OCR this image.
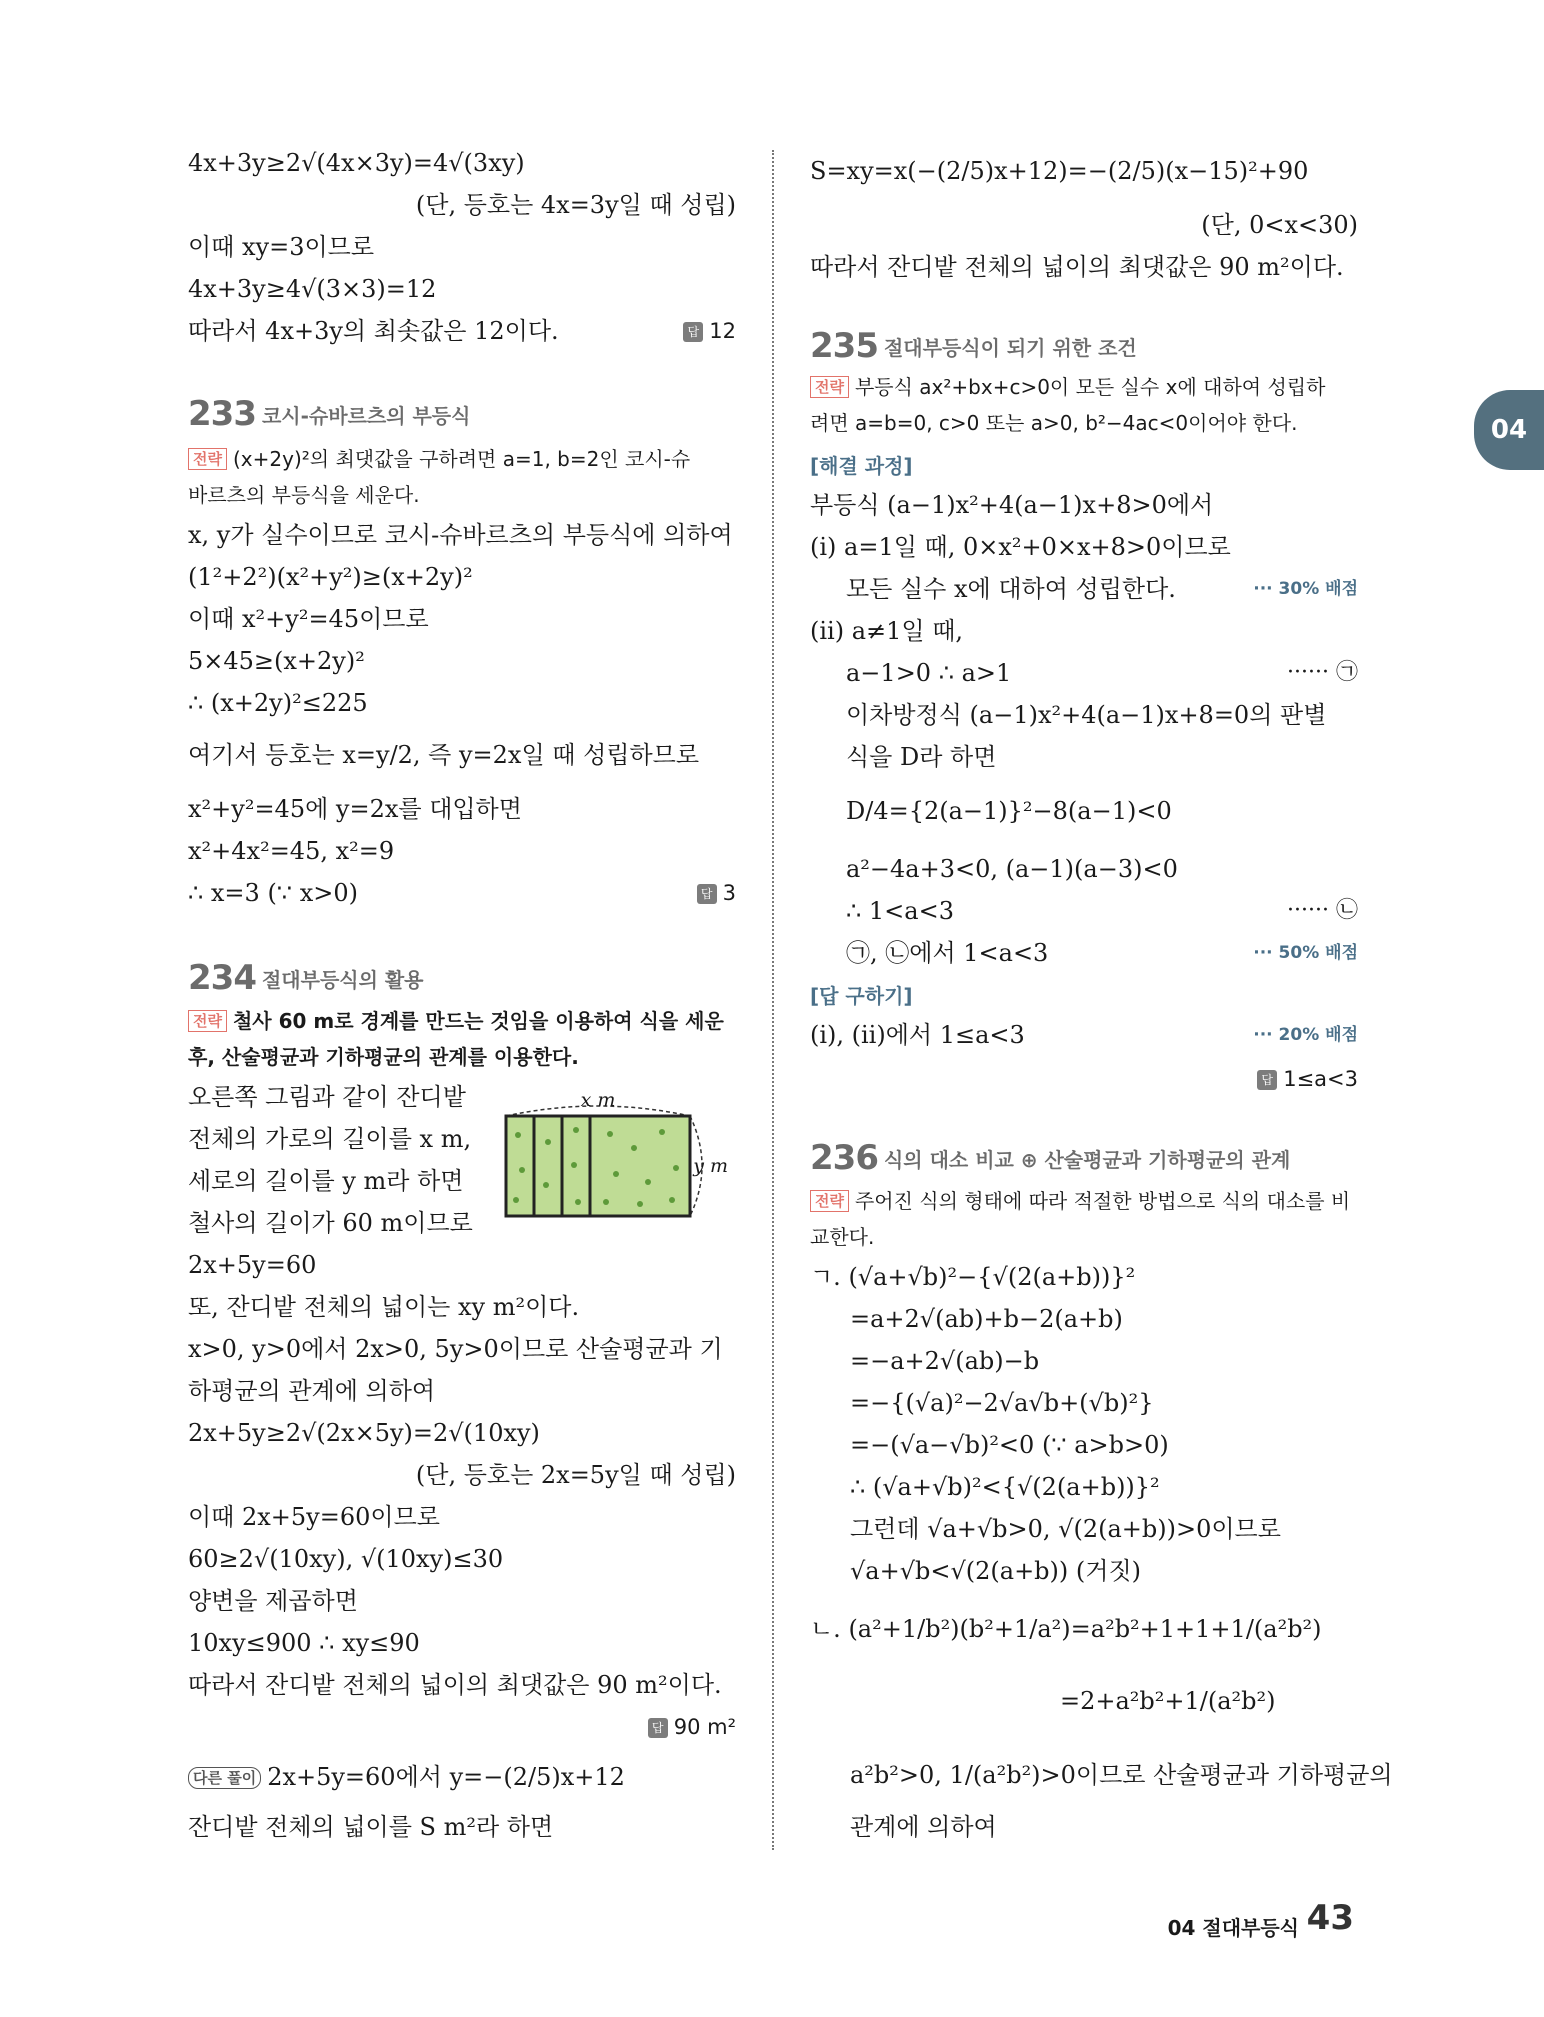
4x+3y≥2√(4x×3y)=4√(3xy)
(단, 등호는 4x=3y일 때 성립)
이때 xy=3이므로
4x+3y≥4√(3×3)=12
따라서 4x+3y의 최솟값은 12이다.	답 12
233 코시-슈바르츠의 부등식
전략 (x+2y)²의 최댓값을 구하려면 a=1, b=2인 코시-슈
바르츠의 부등식을 세운다.
x, y가 실수이므로 코시-슈바르츠의 부등식에 의하여
(1²+2²)(x²+y²)≥(x+2y)²
이때 x²+y²=45이므로
5×45≥(x+2y)²
∴ (x+2y)²≤225
여기서 등호는 x=y/2, 즉 y=2x일 때 성립하므로
x²+y²=45에 y=2x를 대입하면
x²+4x²=45, x²=9
∴ x=3 (∵ x>0)	답 3
234 절대부등식의 활용
전략 철사 60 m로 경계를 만드는 것임을 이용하여 식을 세운
후, 산술평균과 기하평균의 관계를 이용한다.
오른쪽 그림과 같이 잔디밭
전체의 가로의 길이를 x m,
세로의 길이를 y m라 하면
철사의 길이가 60 m이므로
x m
y m
2x+5y=60
또, 잔디밭 전체의 넓이는 xy m²이다.
x>0, y>0에서 2x>0, 5y>0이므로 산술평균과 기
하평균의 관계에 의하여
2x+5y≥2√(2x×5y)=2√(10xy)
(단, 등호는 2x=5y일 때 성립)
이때 2x+5y=60이므로
60≥2√(10xy), √(10xy)≤30
양변을 제곱하면
10xy≤900 ∴ xy≤90
따라서 잔디밭 전체의 넓이의 최댓값은 90 m²이다.
답 90 m²
다른 풀이 2x+5y=60에서 y=−(2/5)x+12
잔디밭 전체의 넓이를 S m²라 하면
S=xy=x(−(2/5)x+12)=−(2/5)(x−15)²+90
(단, 0<x<30)
따라서 잔디밭 전체의 넓이의 최댓값은 90 m²이다.
235 절대부등식이 되기 위한 조건
전략 부등식 ax²+bx+c>0이 모든 실수 x에 대하여 성립하
려면 a=b=0, c>0 또는 a>0, b²−4ac<0이어야 한다.
[해결 과정]
부등식 (a−1)x²+4(a−1)x+8>0에서
(ⅰ) a=1일 때, 0×x²+0×x+8>0이므로
모든 실수 x에 대하여 성립한다.	··· 30% 배점
(ⅱ) a≠1일 때,
a−1>0 ∴ a>1	······ ㉠
이차방정식 (a−1)x²+4(a−1)x+8=0의 판별
식을 D라 하면
D/4={2(a−1)}²−8(a−1)<0
a²−4a+3<0, (a−1)(a−3)<0
∴ 1<a<3	······ ㉡
㉠, ㉡에서 1<a<3	··· 50% 배점
[답 구하기]
(ⅰ), (ⅱ)에서 1≤a<3	··· 20% 배점
답 1≤a<3
236 식의 대소 비교 ⊕ 산술평균과 기하평균의 관계
전략 주어진 식의 형태에 따라 적절한 방법으로 식의 대소를 비
교한다.
ㄱ. (√a+√b)²−{√(2(a+b))}²
=a+2√(ab)+b−2(a+b)
=−a+2√(ab)−b
=−{(√a)²−2√a√b+(√b)²}
=−(√a−√b)²<0 (∵ a>b>0)
∴ (√a+√b)²<{√(2(a+b))}²
그런데 √a+√b>0, √(2(a+b))>0이므로
√a+√b<√(2(a+b)) (거짓)
ㄴ. (a²+1/b²)(b²+1/a²)=a²b²+1+1+1/(a²b²)
=2+a²b²+1/(a²b²)
a²b²>0, 1/(a²b²)>0이므로 산술평균과 기하평균의
관계에 의하여
04
04 절대부등식 43
